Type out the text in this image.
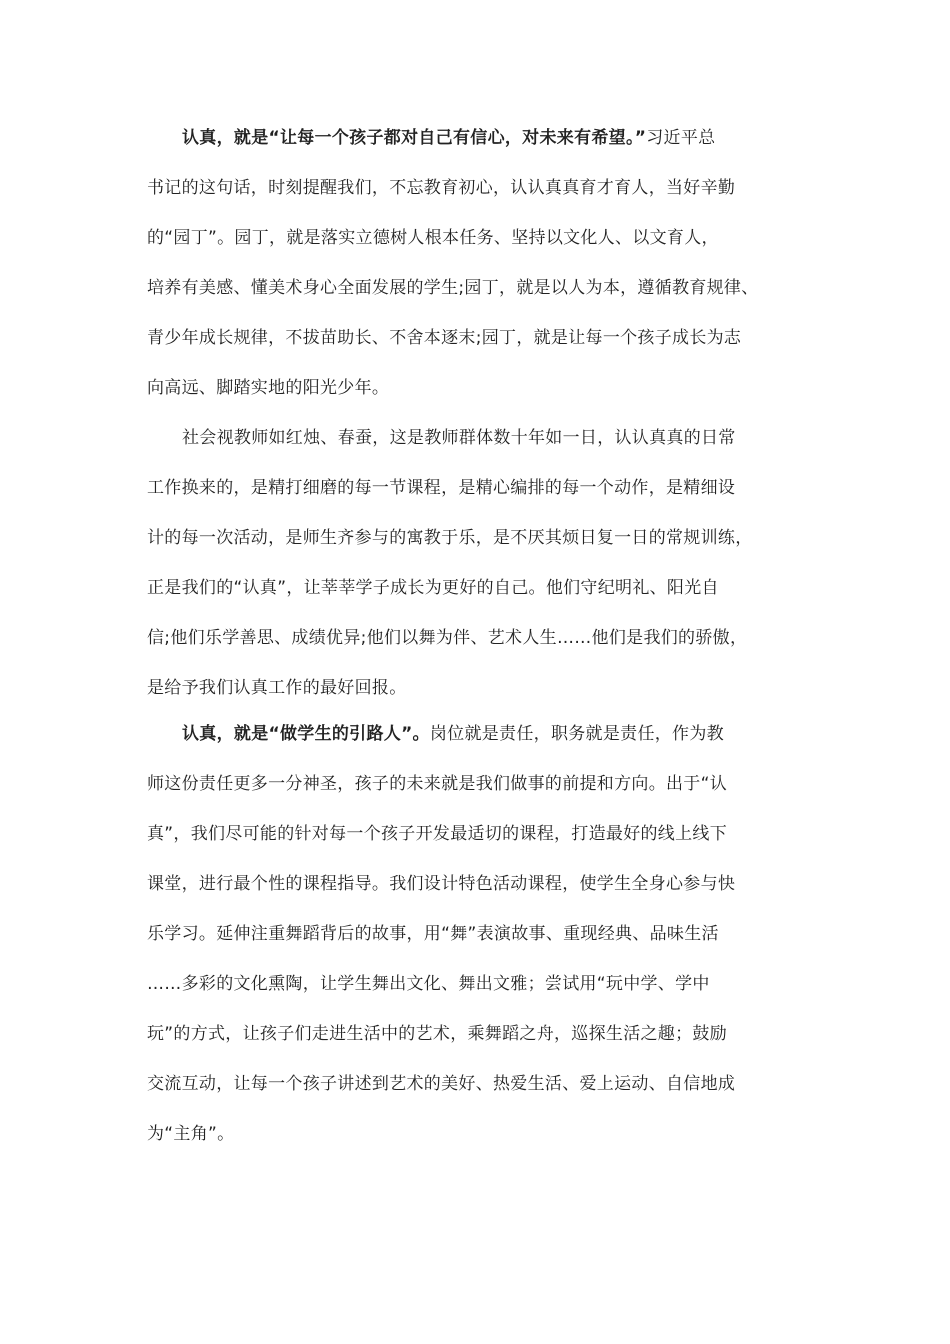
认真，就是“让每一个孩子都对自己有信心，对未来有希望。”习近平总
书记的这句话，时刻提醒我们，不忘教育初心，认认真真育才育人，当好辛勤
的“园丁”。园丁，就是落实立德树人根本任务、坚持以文化人、以文育人，
培养有美感、懂美术身心全面发展的学生;园丁，就是以人为本，遵循教育规律、
青少年成长规律，不拔苗助长、不舍本逐末;园丁，就是让每一个孩子成长为志
向高远、脚踏实地的阳光少年。
社会视教师如红烛、春蚕，这是教师群体数十年如一日，认认真真的日常
工作换来的，是精打细磨的每一节课程，是精心编排的每一个动作，是精细设
计的每一次活动，是师生齐参与的寓教于乐，是不厌其烦日复一日的常规训练，
正是我们的“认真”，让莘莘学子成长为更好的自己。他们守纪明礼、阳光自
信;他们乐学善思、成绩优异;他们以舞为伴、艺术人生……他们是我们的骄傲，
是给予我们认真工作的最好回报。
认真，就是“做学生的引路人”。岗位就是责任，职务就是责任，作为教
师这份责任更多一分神圣，孩子的未来就是我们做事的前提和方向。出于“认
真”，我们尽可能的针对每一个孩子开发最适切的课程，打造最好的线上线下
课堂，进行最个性的课程指导。我们设计特色活动课程，使学生全身心参与快
乐学习。延伸注重舞蹈背后的故事，用“舞”表演故事、重现经典、品味生活
……多彩的文化熏陶，让学生舞出文化、舞出文雅；尝试用“玩中学、学中
玩”的方式，让孩子们走进生活中的艺术，乘舞蹈之舟，巡探生活之趣；鼓励
交流互动，让每一个孩子讲述到艺术的美好、热爱生活、爱上运动、自信地成
为“主角”。
